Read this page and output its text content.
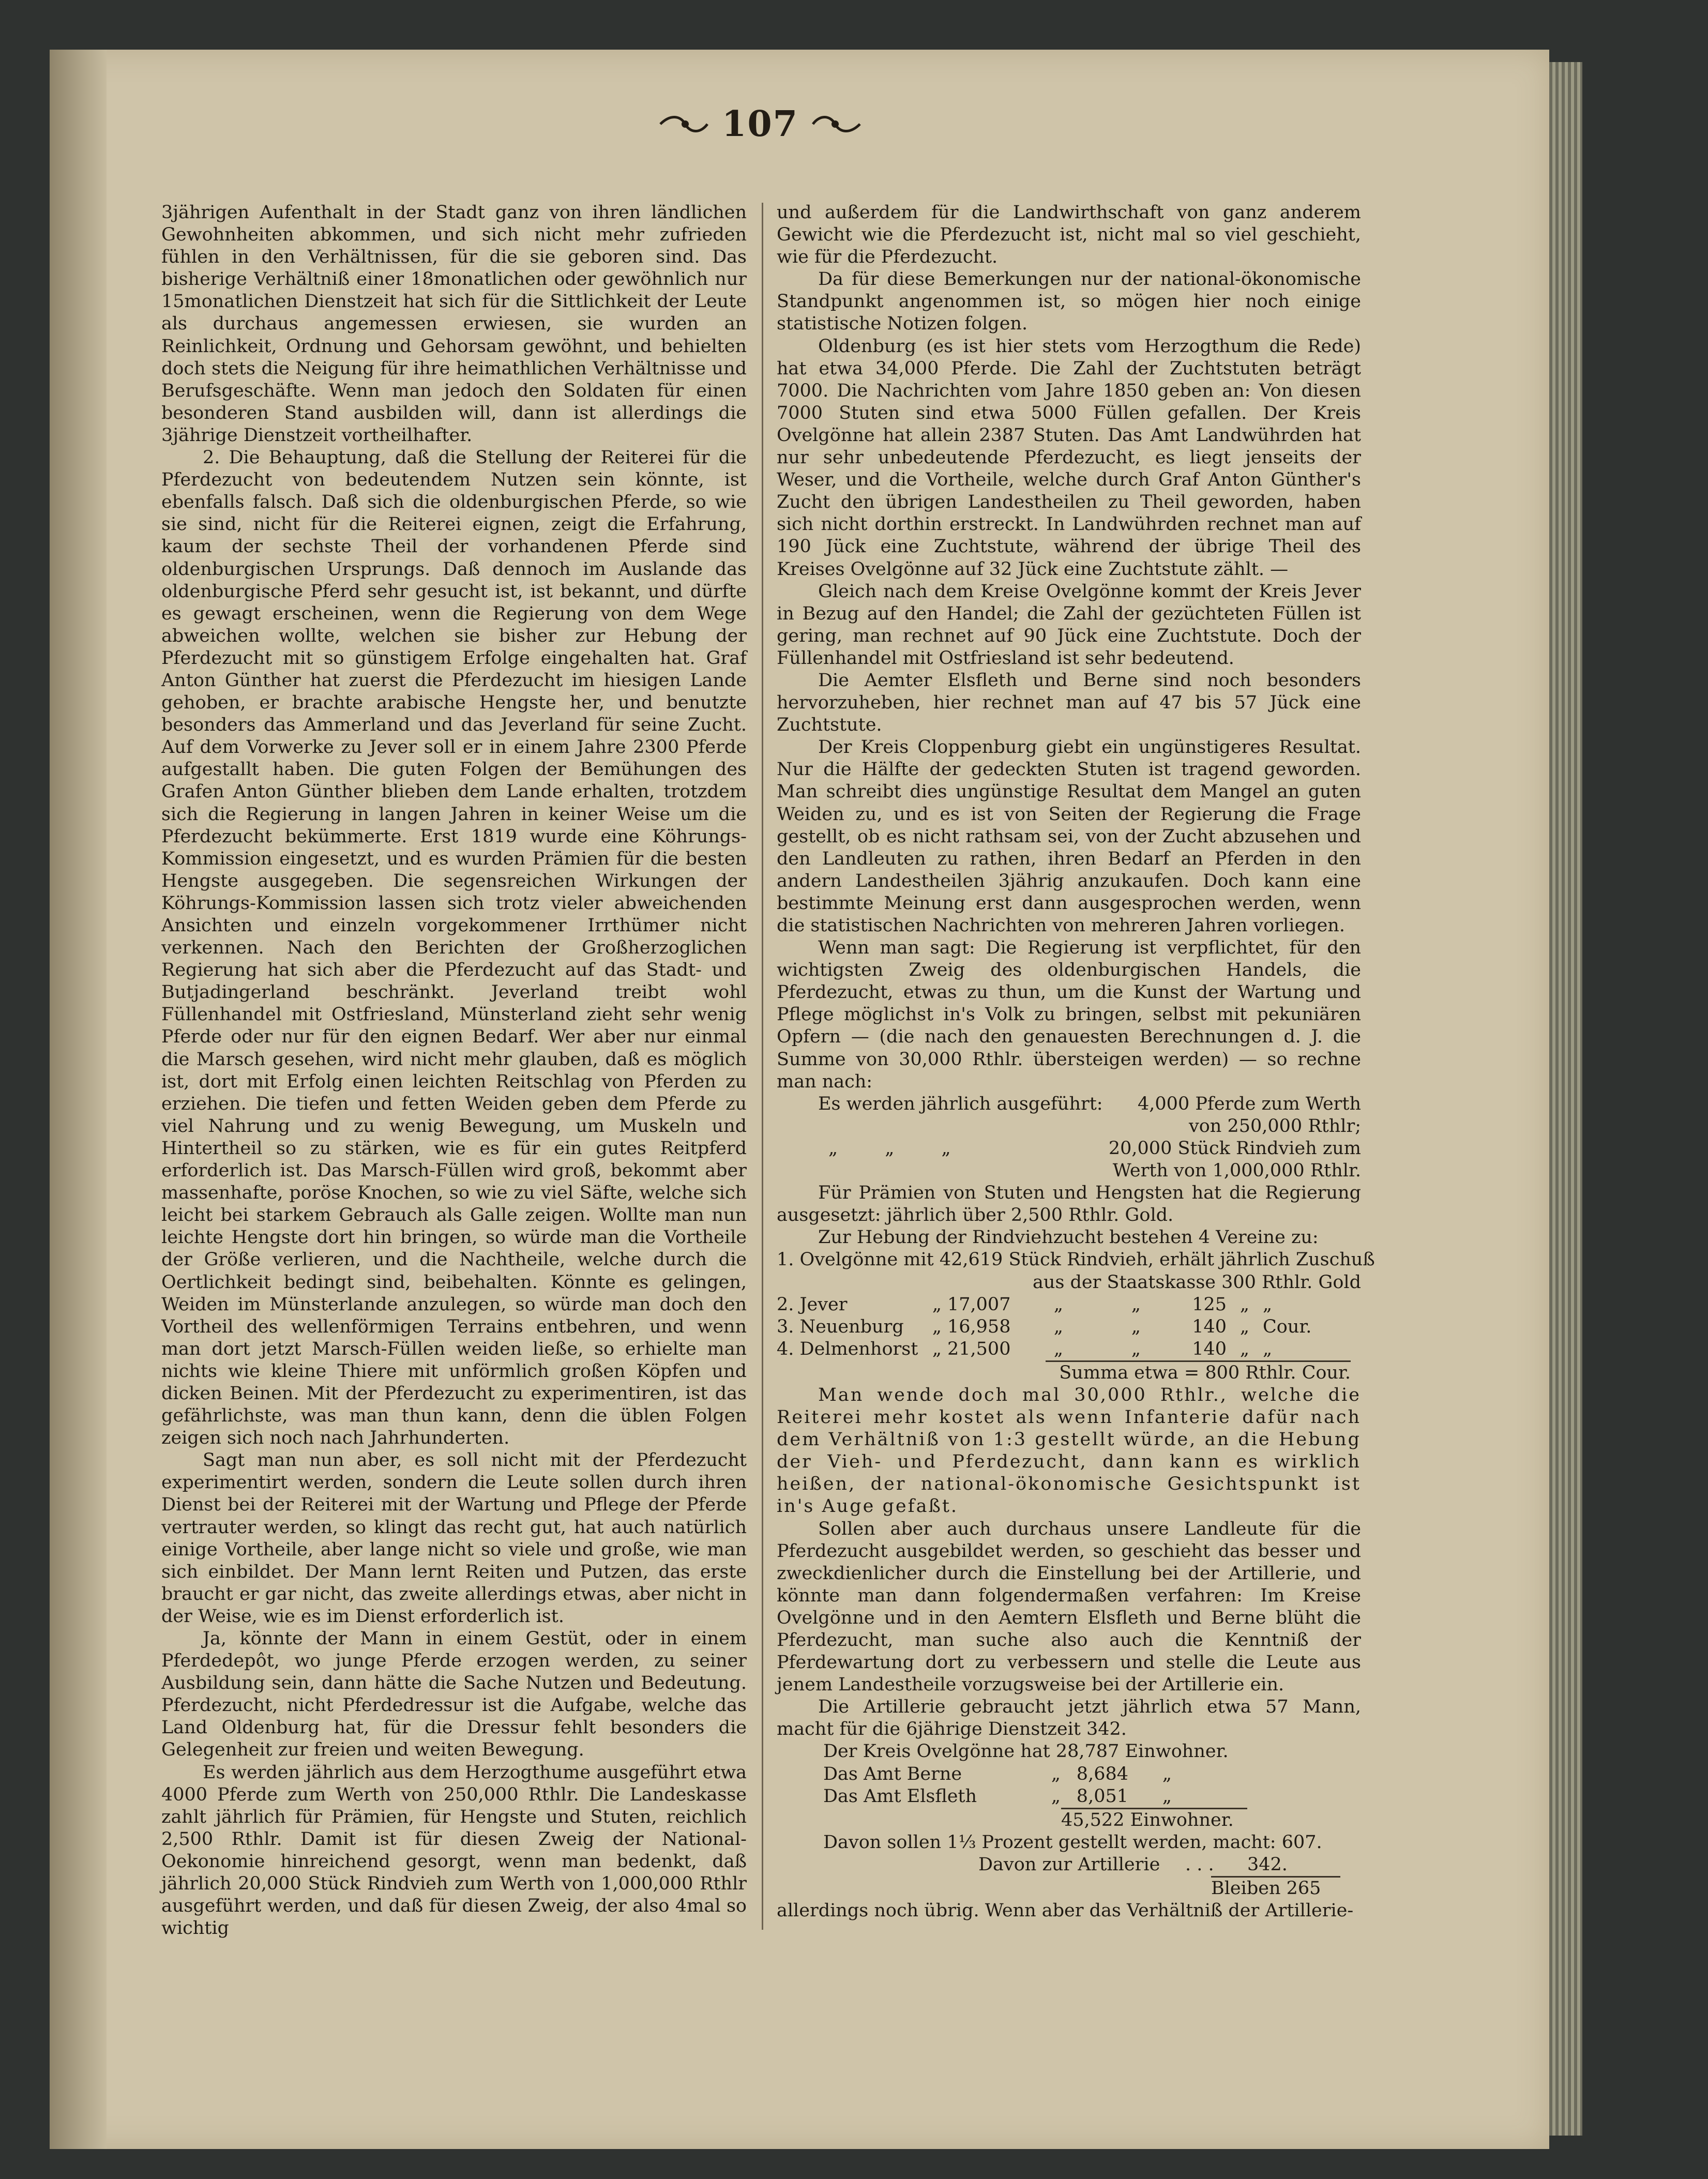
107

3jährigen Aufenthalt in der Stadt ganz von ihren ländlichen Gewohnheiten abkommen, und sich nicht mehr zufrieden fühlen in den Verhältnissen, für die sie geboren sind. Das bisherige Verhältniß einer 18monatlichen oder gewöhnlich nur 15monatlichen Dienstzeit hat sich für die Sittlichkeit der Leute als durchaus angemessen erwiesen, sie wurden an Reinlichkeit, Ordnung und Gehorsam gewöhnt, und behielten doch stets die Neigung für ihre heimathlichen Verhältnisse und Berufsgeschäfte. Wenn man jedoch den Soldaten für einen besonderen Stand ausbilden will, dann ist allerdings die 3jährige Dienstzeit vortheilhafter.

2. Die Behauptung, daß die Stellung der Reiterei für die Pferdezucht von bedeutendem Nutzen sein könnte, ist ebenfalls falsch. Daß sich die oldenburgischen Pferde, so wie sie sind, nicht für die Reiterei eignen, zeigt die Erfahrung, kaum der sechste Theil der vorhandenen Pferde sind oldenburgischen Ursprungs. Daß dennoch im Auslande das oldenburgische Pferd sehr gesucht ist, ist bekannt, und dürfte es gewagt erscheinen, wenn die Regierung von dem Wege abweichen wollte, welchen sie bisher zur Hebung der Pferdezucht mit so günstigem Erfolge eingehalten hat. Graf Anton Günther hat zuerst die Pferdezucht im hiesigen Lande gehoben, er brachte arabische Hengste her, und benutzte besonders das Ammerland und das Jeverland für seine Zucht. Auf dem Vorwerke zu Jever soll er in einem Jahre 2300 Pferde aufgestallt haben. Die guten Folgen der Bemühungen des Grafen Anton Günther blieben dem Lande erhalten, trotzdem sich die Regierung in langen Jahren in keiner Weise um die Pferdezucht bekümmerte. Erst 1819 wurde eine Köhrungs-Kommission eingesetzt, und es wurden Prämien für die besten Hengste ausgegeben. Die segensreichen Wirkungen der Köhrungs-Kommission lassen sich trotz vieler abweichenden Ansichten und einzeln vorgekommener Irrthümer nicht verkennen. Nach den Berichten der Großherzoglichen Regierung hat sich aber die Pferdezucht auf das Stadt- und Butjadingerland beschränkt. Jeverland treibt wohl Füllenhandel mit Ostfriesland, Münsterland zieht sehr wenig Pferde oder nur für den eignen Bedarf. Wer aber nur einmal die Marsch gesehen, wird nicht mehr glauben, daß es möglich ist, dort mit Erfolg einen leichten Reitschlag von Pferden zu erziehen. Die tiefen und fetten Weiden geben dem Pferde zu viel Nahrung und zu wenig Bewegung, um Muskeln und Hintertheil so zu stärken, wie es für ein gutes Reitpferd erforderlich ist. Das Marsch-Füllen wird groß, bekommt aber massenhafte, poröse Knochen, so wie zu viel Säfte, welche sich leicht bei starkem Gebrauch als Galle zeigen. Wollte man nun leichte Hengste dort hin bringen, so würde man die Vortheile der Größe verlieren, und die Nachtheile, welche durch die Oertlichkeit bedingt sind, beibehalten. Könnte es gelingen, Weiden im Münsterlande anzulegen, so würde man doch den Vortheil des wellenförmigen Terrains entbehren, und wenn man dort jetzt Marsch-Füllen weiden ließe, so erhielte man nichts wie kleine Thiere mit unförmlich großen Köpfen und dicken Beinen. Mit der Pferdezucht zu experimentiren, ist das gefährlichste, was man thun kann, denn die üblen Folgen zeigen sich noch nach Jahrhunderten.

Sagt man nun aber, es soll nicht mit der Pferdezucht experimentirt werden, sondern die Leute sollen durch ihren Dienst bei der Reiterei mit der Wartung und Pflege der Pferde vertrauter werden, so klingt das recht gut, hat auch natürlich einige Vortheile, aber lange nicht so viele und große, wie man sich einbildet. Der Mann lernt Reiten und Putzen, das erste braucht er gar nicht, das zweite allerdings etwas, aber nicht in der Weise, wie es im Dienst erforderlich ist.

Ja, könnte der Mann in einem Gestüt, oder in einem Pferdedepôt, wo junge Pferde erzogen werden, zu seiner Ausbildung sein, dann hätte die Sache Nutzen und Bedeutung. Pferdezucht, nicht Pferdedressur ist die Aufgabe, welche das Land Oldenburg hat, für die Dressur fehlt besonders die Gelegenheit zur freien und weiten Bewegung.

Es werden jährlich aus dem Herzogthume ausgeführt etwa 4000 Pferde zum Werth von 250,000 Rthlr. Die Landeskasse zahlt jährlich für Prämien, für Hengste und Stuten, reichlich 2,500 Rthlr. Damit ist für diesen Zweig der National-Oekonomie hinreichend gesorgt, wenn man bedenkt, daß jährlich 20,000 Stück Rindvieh zum Werth von 1,000,000 Rthlr ausgeführt werden, und daß für diesen Zweig, der also 4mal so wichtig

und außerdem für die Landwirthschaft von ganz anderem Gewicht wie die Pferdezucht ist, nicht mal so viel geschieht, wie für die Pferdezucht.

Da für diese Bemerkungen nur der national-ökonomische Standpunkt angenommen ist, so mögen hier noch einige statistische Notizen folgen.

Oldenburg (es ist hier stets vom Herzogthum die Rede) hat etwa 34,000 Pferde. Die Zahl der Zuchtstuten beträgt 7000. Die Nachrichten vom Jahre 1850 geben an: Von diesen 7000 Stuten sind etwa 5000 Füllen gefallen. Der Kreis Ovelgönne hat allein 2387 Stuten. Das Amt Landwührden hat nur sehr unbedeutende Pferdezucht, es liegt jenseits der Weser, und die Vortheile, welche durch Graf Anton Günther's Zucht den übrigen Landestheilen zu Theil geworden, haben sich nicht dorthin erstreckt. In Landwührden rechnet man auf 190 Jück eine Zuchtstute, während der übrige Theil des Kreises Ovelgönne auf 32 Jück eine Zuchtstute zählt. —

Gleich nach dem Kreise Ovelgönne kommt der Kreis Jever in Bezug auf den Handel; die Zahl der gezüchteten Füllen ist gering, man rechnet auf 90 Jück eine Zuchtstute. Doch der Füllenhandel mit Ostfriesland ist sehr bedeutend.

Die Aemter Elsfleth und Berne sind noch besonders hervorzuheben, hier rechnet man auf 47 bis 57 Jück eine Zuchtstute.

Der Kreis Cloppenburg giebt ein ungünstigeres Resultat. Nur die Hälfte der gedeckten Stuten ist tragend geworden. Man schreibt dies ungünstige Resultat dem Mangel an guten Weiden zu, und es ist von Seiten der Regierung die Frage gestellt, ob es nicht rathsam sei, von der Zucht abzusehen und den Landleuten zu rathen, ihren Bedarf an Pferden in den andern Landestheilen 3jährig anzukaufen. Doch kann eine bestimmte Meinung erst dann ausgesprochen werden, wenn die statistischen Nachrichten von mehreren Jahren vorliegen.

Wenn man sagt: Die Regierung ist verpflichtet, für den wichtigsten Zweig des oldenburgischen Handels, die Pferdezucht, etwas zu thun, um die Kunst der Wartung und Pflege möglichst in's Volk zu bringen, selbst mit pekuniären Opfern — (die nach den genauesten Berechnungen d. J. die Summe von 30,000 Rthlr. übersteigen werden) — so rechne man nach:

Es werden jährlich ausgeführt:	4,000 Pferde zum Werth
von 250,000 Rthlr;
„ „ „	20,000 Stück Rindvieh zum
Werth von 1,000,000 Rthlr.

Für Prämien von Stuten und Hengsten hat die Regierung ausgesetzt: jährlich über 2,500 Rthlr. Gold.

Zur Hebung der Rindviehzucht bestehen 4 Vereine zu:

1. Ovelgönne mit 42,619 Stück Rindvieh, erhält jährlich Zuschuß
aus der Staatskasse 300 Rthlr. Gold
2. Jever	„ 17,007	„	„	125 „ „
3. Neuenburg	„ 16,958	„	„	140 „ Cour.
4. Delmenhorst „ 21,500	„	„	140 „ „
Summa etwa = 800 Rthlr. Cour.

Man wende doch mal 30,000 Rthlr., welche die Reiterei mehr kostet als wenn Infanterie dafür nach dem Verhältniß von 1:3 gestellt würde, an die Hebung der Vieh- und Pferdezucht, dann kann es wirklich heißen, der national-ökonomische Gesichtspunkt ist in's Auge gefaßt.

Sollen aber auch durchaus unsere Landleute für die Pferdezucht ausgebildet werden, so geschieht das besser und zweckdienlicher durch die Einstellung bei der Artillerie, und könnte man dann folgendermaßen verfahren: Im Kreise Ovelgönne und in den Aemtern Elsfleth und Berne blüht die Pferdezucht, man suche also auch die Kenntniß der Pferdewartung dort zu verbessern und stelle die Leute aus jenem Landestheile vorzugsweise bei der Artillerie ein.

Die Artillerie gebraucht jetzt jährlich etwa 57 Mann, macht für die 6jährige Dienstzeit 342.

Der Kreis Ovelgönne hat 28,787 Einwohner.
Das Amt Berne	„ 8,684	„
Das Amt Elsfleth	„ 8,051	„
45,522 Einwohner.
Davon sollen 1⅓ Prozent gestellt werden, macht: 607.
Davon zur Artillerie	. . .	342.
Bleiben 265

allerdings noch übrig. Wenn aber das Verhältniß der Artillerie-
